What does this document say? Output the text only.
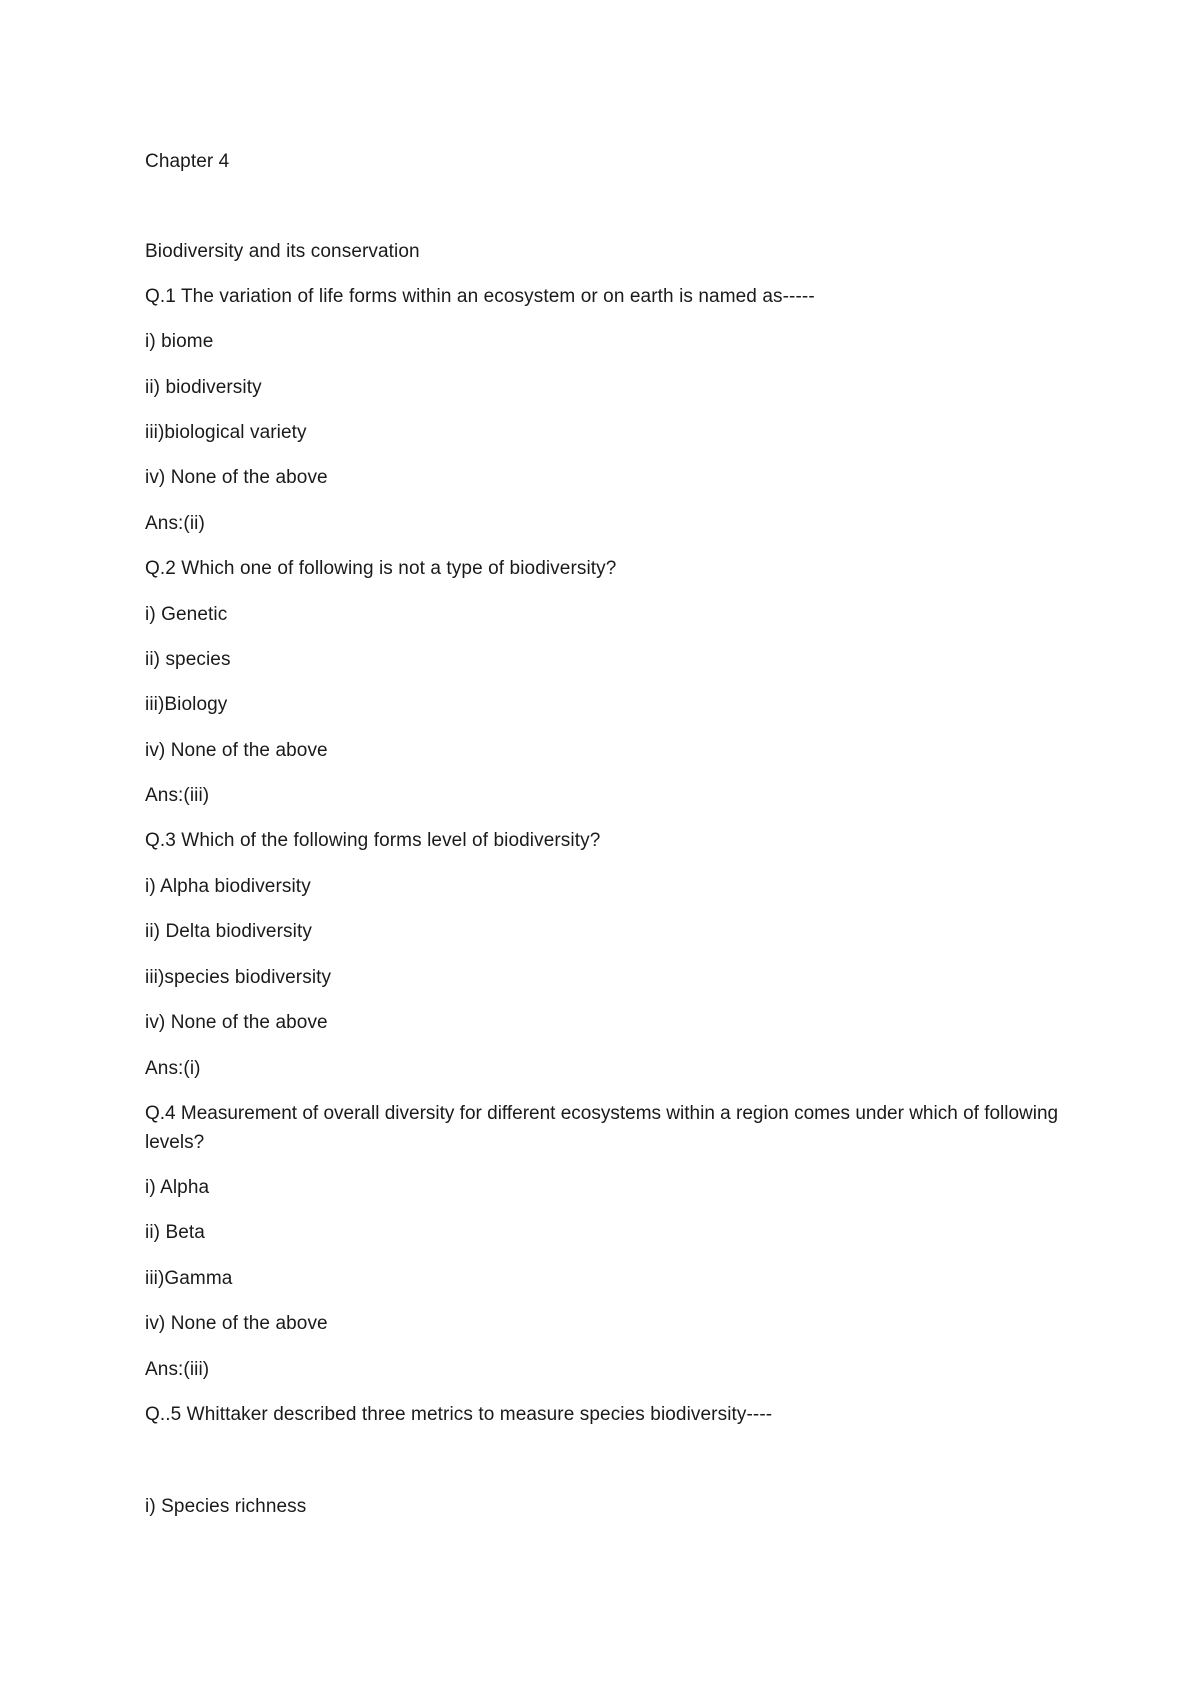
Chapter 4
Biodiversity and its conservation
Q.1 The variation of life forms within an ecosystem or on earth is named as-----
i) biome
ii) biodiversity
iii)biological variety
iv) None of the above
Ans:(ii)
Q.2 Which one of following is not a type of biodiversity?
i) Genetic
ii) species
iii)Biology
iv) None of the above
Ans:(iii)
Q.3 Which of the following forms level of biodiversity?
i) Alpha biodiversity
ii) Delta biodiversity
iii)species biodiversity
iv) None of the above
Ans:(i)
Q.4 Measurement of overall diversity for different ecosystems within a region comes under which of following levels?
i) Alpha
ii) Beta
iii)Gamma
iv) None of the above
Ans:(iii)
Q..5 Whittaker described three metrics to measure species biodiversity----
i) Species richness
